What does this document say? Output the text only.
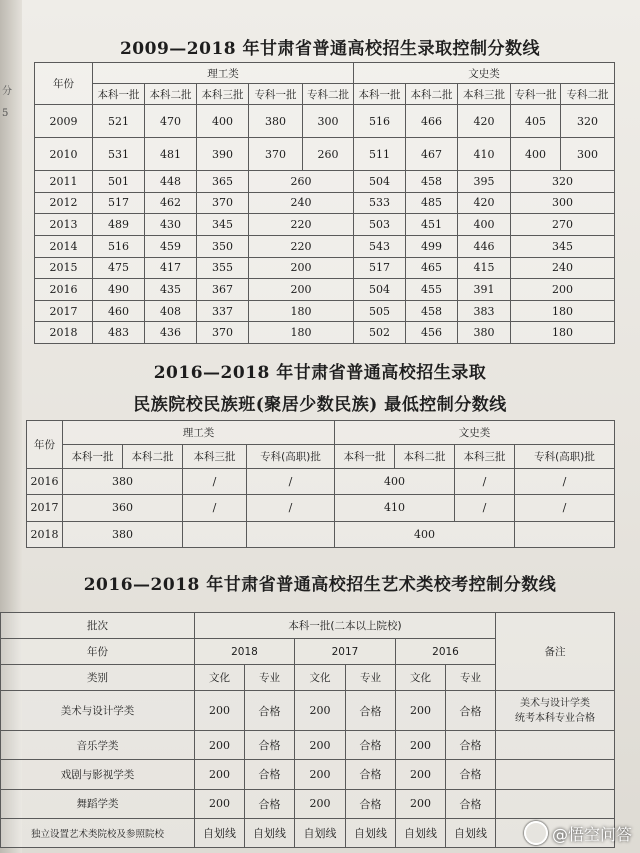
分
5
2009—2018 年甘肃省普通高校招生录取控制分数线
年份	理工类					文史类				
	本科一批	本科二批	本科三批	专科一批	专科二批	本科一批	本科二批	本科三批	专科一批	专科二批
2009	521	470	400	380	300	516	466	420	405	320
2010	531	481	390	370	260	511	467	410	400	300
2011	501	448	365	260		504	458	395	320	
2012	517	462	370	240		533	485	420	300	
2013	489	430	345	220		503	451	400	270	
2014	516	459	350	220		543	499	446	345	
2015	475	417	355	200		517	465	415	240	
2016	490	435	367	200		504	455	391	200	
2017	460	408	337	180		505	458	383	180	
2018	483	436	370	180		502	456	380	180	
2016—2018 年甘肃省普通高校招生录取
民族院校民族班(聚居少数民族) 最低控制分数线
年份	理工类				文史类			
	本科一批	本科二批	本科三批	专科(高职)批	本科一批	本科二批	本科三批	专科(高职)批
2016	380		/	/	400		/	/
2017	360		/	/	410		/	/
2018	380				400			
2016—2018 年甘肃省普通高校招生艺术类校考控制分数线
批次	本科一批(二本以上院校)						备注
年份	2018		2017		2016		
类别	文化	专业	文化	专业	文化	专业	
美术与设计学类	200	合格	200	合格	200	合格	美术与设计学类
统考本科专业合格

音乐学类	200	合格	200	合格	200	合格	
戏剧与影视学类	200	合格	200	合格	200	合格	
舞蹈学类	200	合格	200	合格	200	合格	
独立设置艺术类院校及参照院校	自划线	自划线	自划线	自划线	自划线	自划线		@悟空问答
